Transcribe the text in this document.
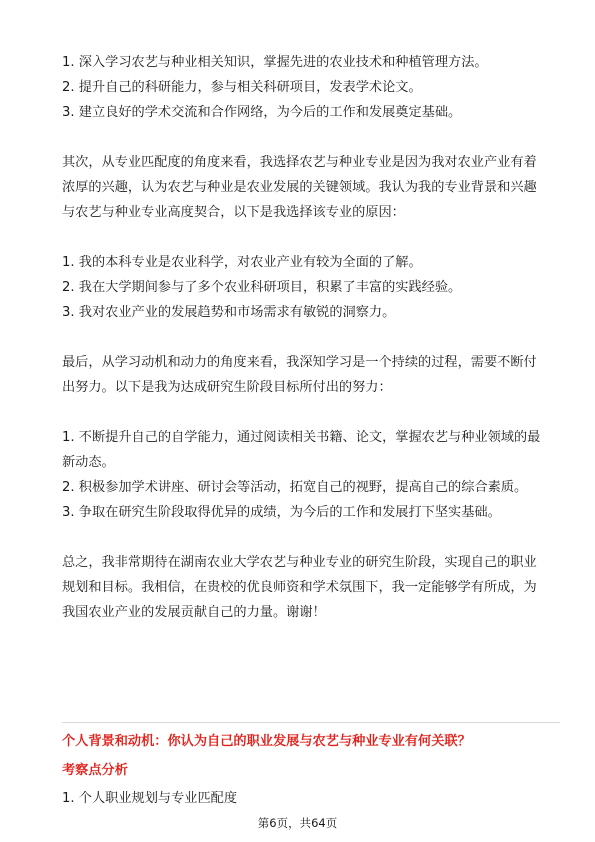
1. 深入学习农艺与种业相关知识，掌握先进的农业技术和种植管理方法。
2. 提升自己的科研能力，参与相关科研项目，发表学术论文。
3. 建立良好的学术交流和合作网络，为今后的工作和发展奠定基础。
其次，从专业匹配度的角度来看，我选择农艺与种业专业是因为我对农业产业有着
浓厚的兴趣，认为农艺与种业是农业发展的关键领域。我认为我的专业背景和兴趣
与农艺与种业专业高度契合，以下是我选择该专业的原因：
1. 我的本科专业是农业科学，对农业产业有较为全面的了解。
2. 我在大学期间参与了多个农业科研项目，积累了丰富的实践经验。
3. 我对农业产业的发展趋势和市场需求有敏锐的洞察力。
最后，从学习动机和动力的角度来看，我深知学习是一个持续的过程，需要不断付
出努力。以下是我为达成研究生阶段目标所付出的努力：
1. 不断提升自己的自学能力，通过阅读相关书籍、论文，掌握农艺与种业领域的最
新动态。
2. 积极参加学术讲座、研讨会等活动，拓宽自己的视野，提高自己的综合素质。
3. 争取在研究生阶段取得优异的成绩，为今后的工作和发展打下坚实基础。
总之，我非常期待在湖南农业大学农艺与种业专业的研究生阶段，实现自己的职业
规划和目标。我相信，在贵校的优良师资和学术氛围下，我一定能够学有所成，为
我国农业产业的发展贡献自己的力量。谢谢！
个人背景和动机：你认为自己的职业发展与农艺与种业专业有何关联？
考察点分析
1. 个人职业规划与专业匹配度
第6页，共64页
